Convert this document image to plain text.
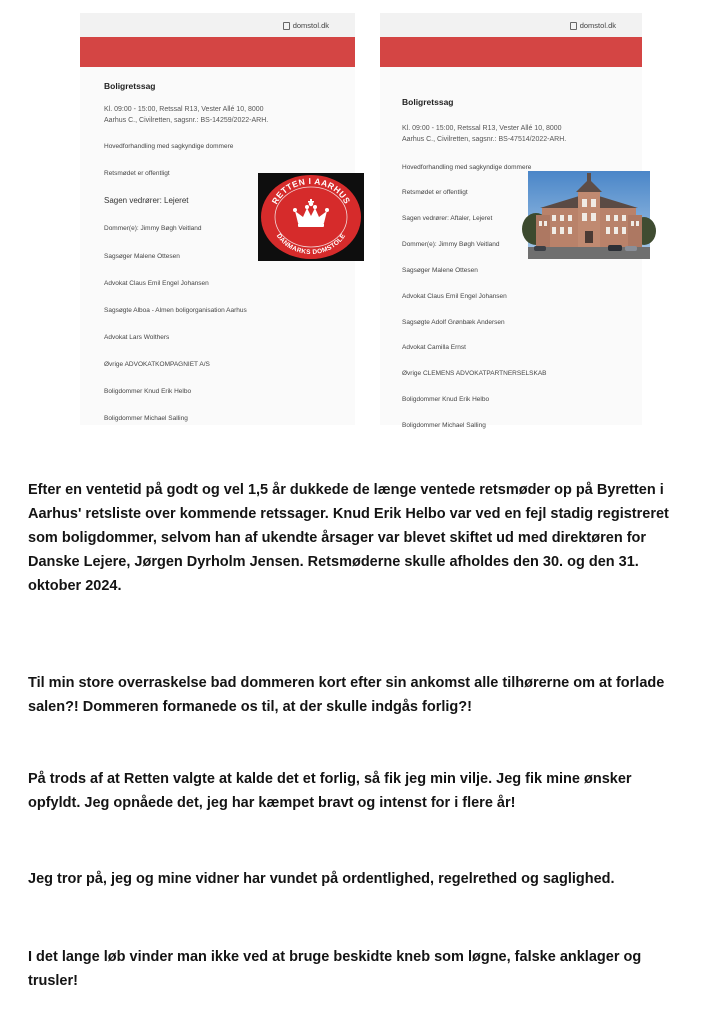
domstol.dk
Boligretssag
Kl. 09:00 - 15:00, Retssal R13, Vester Allé 10, 8000
Aarhus C., Civilretten, sagsnr.: BS-14259/2022-ARH.
Hovedforhandling med sagkyndige dommere
Retsmødet er offentligt
Sagen vedrører: Lejeret
Dommer(e): Jimmy Bøgh Veitland
Sagsøger Malene Ottesen
Advokat Claus Emil Engel Johansen
Sagsøgte Alboa - Almen boligorganisation Aarhus
Advokat Lars Wolthers
Øvrige ADVOKATKOMPAGNIET A/S
Boligdommer Knud Erik Helbo
Boligdommer Michael Salling
RETTEN I AARHUS
DANMARKS DOMSTOLE
domstol.dk
Boligretssag
Kl. 09:00 - 15:00, Retssal R13, Vester Allé 10, 8000
Aarhus C., Civilretten, sagsnr.: BS-47514/2022-ARH.
Hovedforhandling med sagkyndige dommere
Retsmødet er offentligt
Sagen vedrører: Aftaler, Lejeret
Dommer(e): Jimmy Bøgh Veitland
Sagsøger Malene Ottesen
Advokat Claus Emil Engel Johansen
Sagsøgte Adolf Grønbæk Andersen
Advokat Camilla Ernst
Øvrige CLEMENS ADVOKATPARTNERSELSKAB
Boligdommer Knud Erik Helbo
Boligdommer Michael Salling
Efter en ventetid på godt og vel 1,5 år dukkede de længe ventede retsmøder op på Byretten i Aarhus' retsliste over kommende retssager. Knud Erik Helbo var ved en fejl stadig registreret som boligdommer, selvom han af ukendte årsager var blevet skiftet ud med direktøren for Danske Lejere, Jørgen Dyrholm Jensen. Retsmøderne skulle afholdes den 30. og den 31. oktober 2024.
Til min store overraskelse bad dommeren kort efter sin ankomst alle tilhørerne om at forlade salen?! Dommeren formanede os til, at der skulle indgås forlig?!
På trods af at Retten valgte at kalde det et forlig, så fik jeg min vilje. Jeg fik mine ønsker opfyldt. Jeg opnåede det, jeg har kæmpet bravt og intenst for i flere år!
Jeg tror på, jeg og mine vidner har vundet på ordentlighed, regelrethed og saglighed.
I det lange løb vinder man ikke ved at bruge beskidte kneb som løgne, falske anklager og trusler!
